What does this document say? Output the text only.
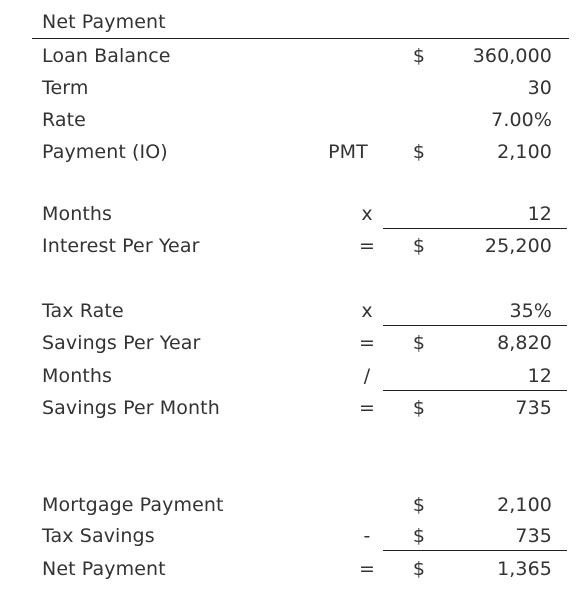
Net Payment
Loan Balance	$	360,000
Term	30
Rate	7.00%
Payment (IO)	PMT	$	2,100
Months	x	12
Interest Per Year	=	$	25,200
Tax Rate	x	35%
Savings Per Year	=	$	8,820
Months	/	12
Savings Per Month	=	$	735
Mortgage Payment	$	2,100
Tax Savings	-	$	735
Net Payment	=	$	1,365
